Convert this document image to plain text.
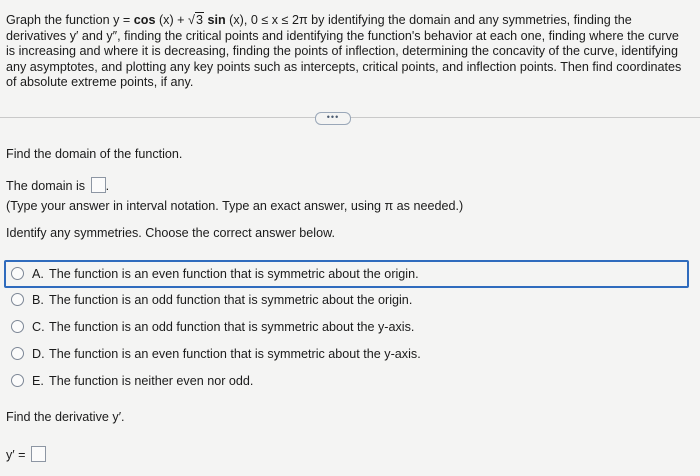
Graph the function y = cos (x) + √3 sin (x), 0 ≤ x ≤ 2π by identifying the domain and any symmetries, finding the derivatives y′ and y″, finding the critical points and identifying the function's behavior at each one, finding where the curve is increasing and where it is decreasing, finding the points of inflection, determining the concavity of the curve, identifying any asymptotes, and plotting any key points such as intercepts, critical points, and inflection points. Then find coordinates of absolute extreme points, if any.
•••
Find the domain of the function.
The domain is .
(Type your answer in interval notation. Type an exact answer, using π as needed.)
Identify any symmetries. Choose the correct answer below.
A. The function is an even function that is symmetric about the origin.
B. The function is an odd function that is symmetric about the origin.
C. The function is an odd function that is symmetric about the y-axis.
D. The function is an even function that is symmetric about the y-axis.
E. The function is neither even nor odd.
Find the derivative y′.
y′ =
